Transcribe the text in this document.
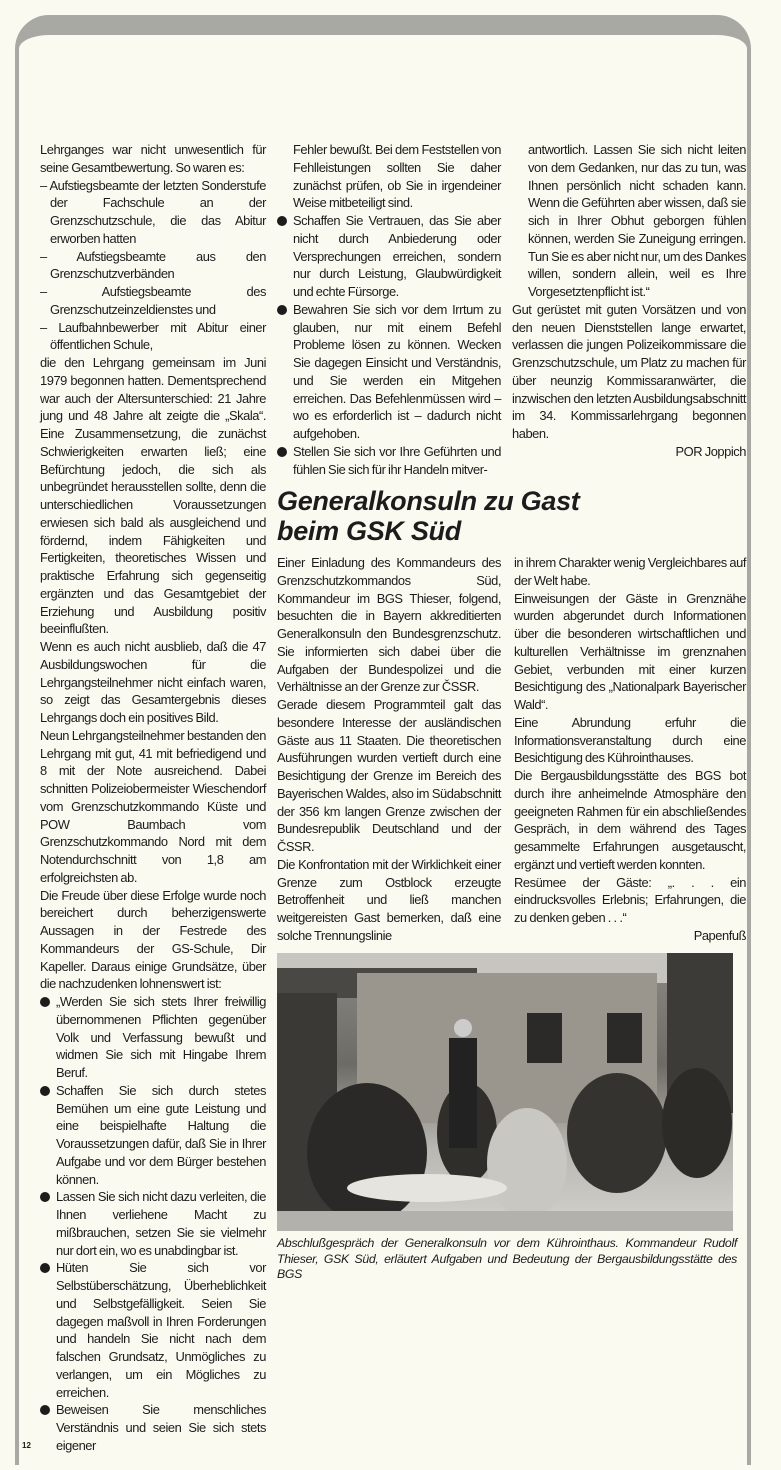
Lehrganges war nicht unwesentlich für seine Gesamtbewertung. So waren es:

– Aufstiegsbeamte der letzten Sonderstufe der Fachschule an der Grenzschutzschule, die das Abitur erworben hatten

– Aufstiegsbeamte aus den Grenzschutzverbänden

– Aufstiegsbeamte des Grenzschutzeinzeldienstes und

– Laufbahnbewerber mit Abitur einer öffentlichen Schule,

die den Lehrgang gemeinsam im Juni 1979 begonnen hatten. Dementsprechend war auch der Altersunterschied: 21 Jahre jung und 48 Jahre alt zeigte die „Skala“. Eine Zusammensetzung, die zunächst Schwierigkeiten erwarten ließ; eine Befürchtung jedoch, die sich als unbegründet herausstellen sollte, denn die unterschiedlichen Voraussetzungen erwiesen sich bald als ausgleichend und fördernd, indem Fähigkeiten und Fertigkeiten, theoretisches Wissen und praktische Erfahrung sich gegenseitig ergänzten und das Gesamtgebiet der Erziehung und Ausbildung positiv beeinflußten.

Wenn es auch nicht ausblieb, daß die 47 Ausbildungswochen für die Lehrgangsteilnehmer nicht einfach waren, so zeigt das Gesamtergebnis dieses Lehrgangs doch ein positives Bild.

Neun Lehrgangsteilnehmer bestanden den Lehrgang mit gut, 41 mit befriedigend und 8 mit der Note ausreichend. Dabei schnitten Polizeiobermeister Wieschendorf vom Grenzschutzkommando Küste und POW Baumbach vom Grenzschutzkommando Nord mit dem Notendurchschnitt von 1,8 am erfolgreichsten ab.

Die Freude über diese Erfolge wurde noch bereichert durch beherzigenswerte Aussagen in der Festrede des Kommandeurs der GS-Schule, Dir Kapeller. Daraus einige Grundsätze, über die nachzudenken lohnenswert ist:

„Werden Sie sich stets Ihrer freiwillig übernommenen Pflichten gegenüber Volk und Verfassung bewußt und widmen Sie sich mit Hingabe Ihrem Beruf.

Schaffen Sie sich durch stetes Bemühen um eine gute Leistung und eine beispielhafte Haltung die Voraussetzungen dafür, daß Sie in Ihrer Aufgabe und vor dem Bürger bestehen können.

Lassen Sie sich nicht dazu verleiten, die Ihnen verliehene Macht zu mißbrauchen, setzen Sie sie vielmehr nur dort ein, wo es unabdingbar ist.

Hüten Sie sich vor Selbstüberschätzung, Überheblichkeit und Selbstgefälligkeit. Seien Sie dagegen maßvoll in Ihren Forderungen und handeln Sie nicht nach dem falschen Grundsatz, Unmögliches zu verlangen, um ein Mögliches zu erreichen.

Beweisen Sie menschliches Verständnis und seien Sie sich stets eigener

Fehler bewußt. Bei dem Feststellen von Fehlleistungen sollten Sie daher zunächst prüfen, ob Sie in irgendeiner Weise mitbeteiligt sind.

Schaffen Sie Vertrauen, das Sie aber nicht durch Anbiederung oder Versprechungen erreichen, sondern nur durch Leistung, Glaubwürdigkeit und echte Fürsorge.

Bewahren Sie sich vor dem Irrtum zu glauben, nur mit einem Befehl Probleme lösen zu können. Wecken Sie dagegen Einsicht und Verständnis, und Sie werden ein Mitgehen erreichen. Das Befehlenmüssen wird – wo es erforderlich ist – dadurch nicht aufgehoben.

Stellen Sie sich vor Ihre Geführten und fühlen Sie sich für ihr Handeln mitver-

antwortlich. Lassen Sie sich nicht leiten von dem Gedanken, nur das zu tun, was Ihnen persönlich nicht schaden kann. Wenn die Geführten aber wissen, daß sie sich in Ihrer Obhut geborgen fühlen können, werden Sie Zuneigung erringen. Tun Sie es aber nicht nur, um des Dankes willen, sondern allein, weil es Ihre Vorgesetztenpflicht ist.“

Gut gerüstet mit guten Vorsätzen und von den neuen Dienststellen lange erwartet, verlassen die jungen Polizeikommissare die Grenzschutzschule, um Platz zu machen für über neunzig Kommissaranwärter, die inzwischen den letzten Ausbildungsabschnitt im 34. Kommissarlehrgang begonnen haben.

POR Joppich

Generalkonsuln zu Gast
beim GSK Süd

Einer Einladung des Kommandeurs des Grenzschutzkommandos Süd, Kommandeur im BGS Thieser, folgend, besuchten die in Bayern akkreditierten Generalkonsuln den Bundesgrenzschutz. Sie informierten sich dabei über die Aufgaben der Bundespolizei und die Verhältnisse an der Grenze zur ČSSR.

Gerade diesem Programmteil galt das besondere Interesse der ausländischen Gäste aus 11 Staaten. Die theoretischen Ausführungen wurden vertieft durch eine Besichtigung der Grenze im Bereich des Bayerischen Waldes, also im Südabschnitt der 356 km langen Grenze zwischen der Bundesrepublik Deutschland und der ČSSR.

Die Konfrontation mit der Wirklichkeit einer Grenze zum Ostblock erzeugte Betroffenheit und ließ manchen weitgereisten Gast bemerken, daß eine solche Trennungslinie

in ihrem Charakter wenig Vergleichbares auf der Welt habe.

Einweisungen der Gäste in Grenznähe wurden abgerundet durch Informationen über die besonderen wirtschaftlichen und kulturellen Verhältnisse im grenznahen Gebiet, verbunden mit einer kurzen Besichtigung des „Nationalpark Bayerischer Wald“.

Eine Abrundung erfuhr die Informationsveranstaltung durch eine Besichtigung des Kührointhauses.

Die Bergausbildungsstätte des BGS bot durch ihre anheimelnde Atmosphäre den geeigneten Rahmen für ein abschließendes Gespräch, in dem während des Tages gesammelte Erfahrungen ausgetauscht, ergänzt und vertieft werden konnten.

Resümee der Gäste: „. . . ein eindrucksvolles Erlebnis; Erfahrungen, die zu denken geben . . .“

Papenfuß

Abschlußgespräch der Generalkonsuln vor dem Kührointhaus. Kommandeur Rudolf Thieser, GSK Süd, erläutert Aufgaben und Bedeutung der Bergausbildungsstätte des BGS
12
